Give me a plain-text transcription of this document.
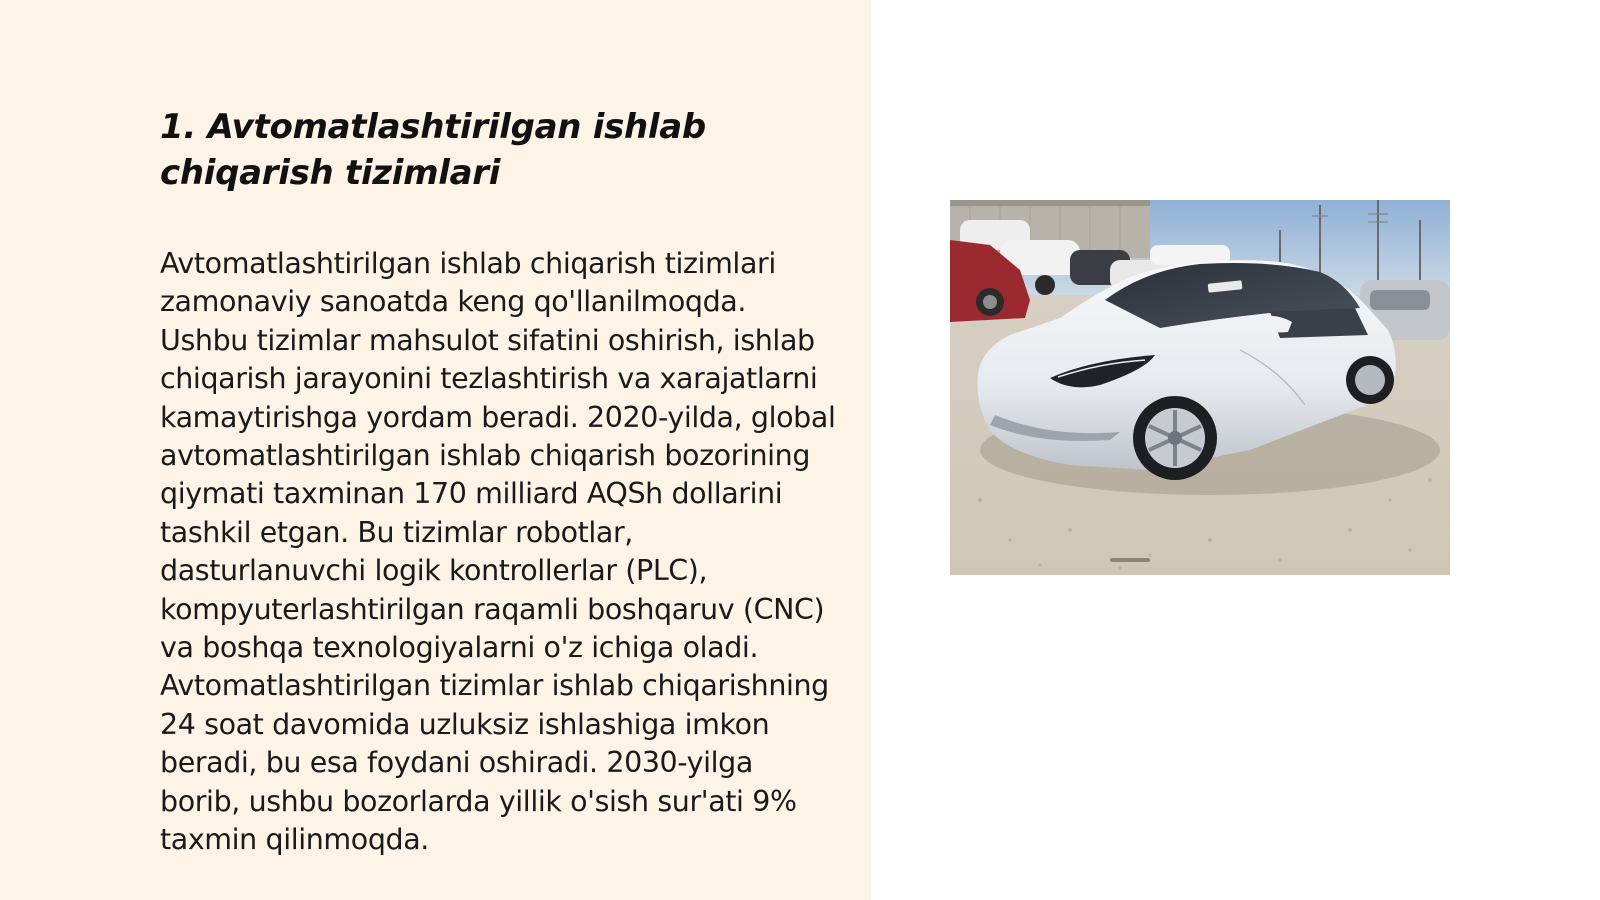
1. Avtomatlashtirilgan ishlab chiqarish tizimlari

Avtomatlashtirilgan ishlab chiqarish tizimlari zamonaviy sanoatda keng qo'llanilmoqda. Ushbu tizimlar mahsulot sifatini oshirish, ishlab chiqarish jarayonini tezlashtirish va xarajatlarni kamaytirishga yordam beradi. 2020-yilda, global avtomatlashtirilgan ishlab chiqarish bozorining qiymati taxminan 170 milliard AQSh dollarini tashkil etgan. Bu tizimlar robotlar, dasturlanuvchi logik kontrollerlar (PLC), kompyuterlashtirilgan raqamli boshqaruv (CNC) va boshqa texnologiyalarni o'z ichiga oladi. Avtomatlashtirilgan tizimlar ishlab chiqarishning 24 soat davomida uzluksiz ishlashiga imkon beradi, bu esa foydani oshiradi. 2030-yilga borib, ushbu bozorlarda yillik o'sish sur'ati 9% taxmin qilinmoqda.
